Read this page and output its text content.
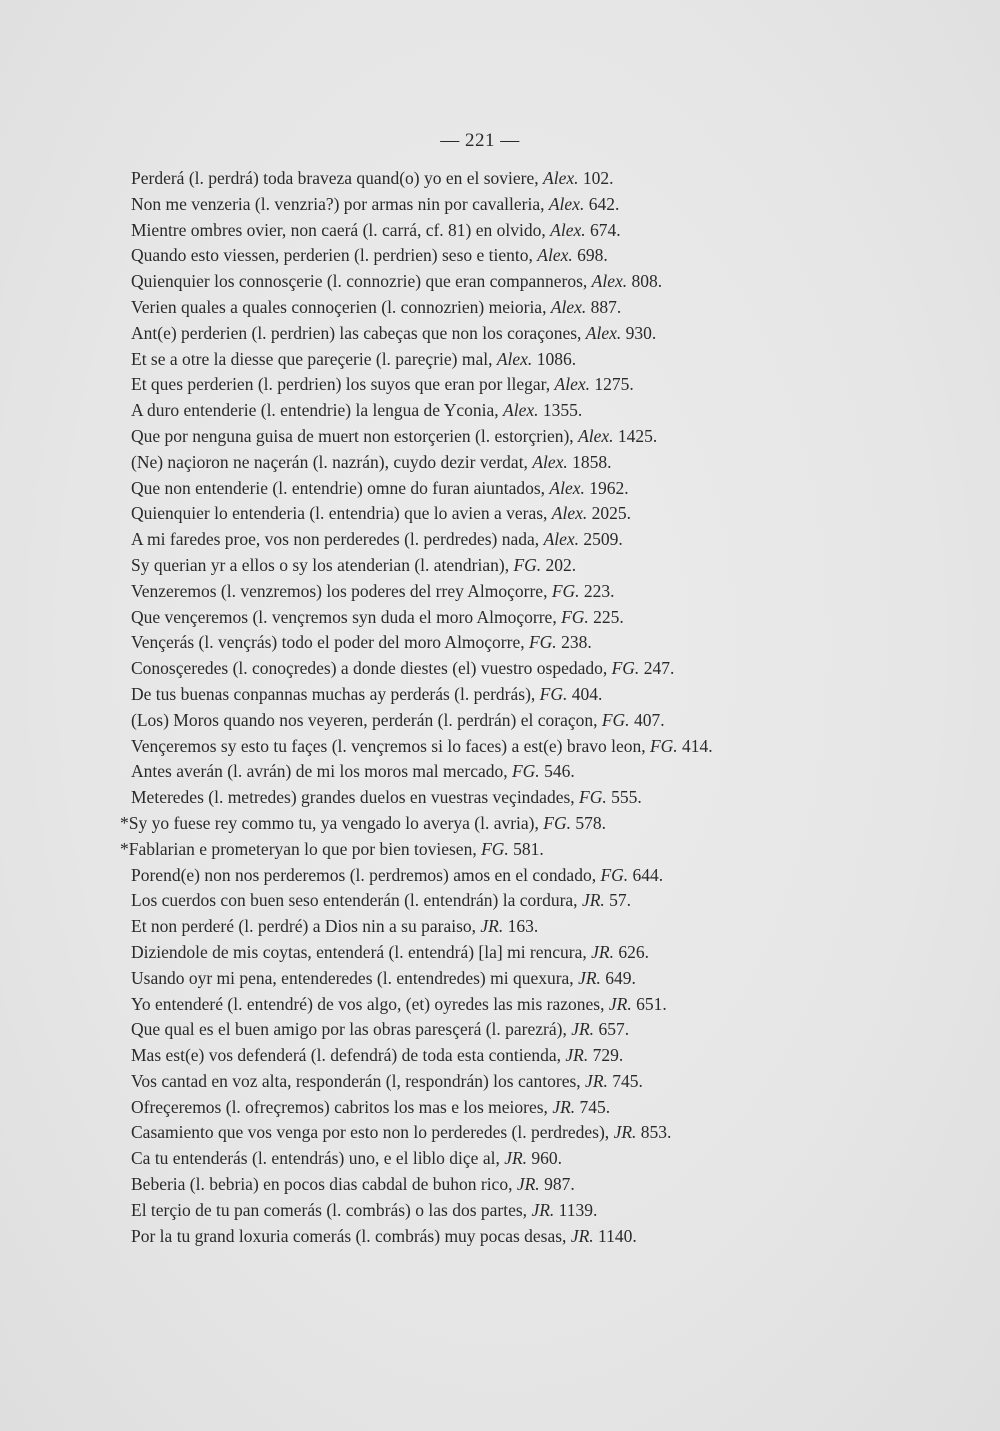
— 221 —
Perderá (l. perdrá) toda braveza quand(o) yo en el soviere, Alex. 102.
Non me venzeria (l. venzria?) por armas nin por cavalleria, Alex. 642.
Mientre ombres ovier, non caerá (l. carrá, cf. 81) en olvido, Alex. 674.
Quando esto viessen, perderien (l. perdrien) seso e tiento, Alex. 698.
Quienquier los connosçerie (l. connozrie) que eran companneros, Alex. 808.
Verien quales a quales connoçerien (l. connozrien) meioria, Alex. 887.
Ant(e) perderien (l. perdrien) las cabeças que non los coraçones, Alex. 930.
Et se a otre la diesse que pareçerie (l. pareçrie) mal, Alex. 1086.
Et ques perderien (l. perdrien) los suyos que eran por llegar, Alex. 1275.
A duro entenderie (l. entendrie) la lengua de Yconia, Alex. 1355.
Que por nenguna guisa de muert non estorçerien (l. estorçrien), Alex. 1425.
(Ne) naçioron ne naçerán (l. nazrán), cuydo dezir verdat, Alex. 1858.
Que non entenderie (l. entendrie) omne do furan aiuntados, Alex. 1962.
Quienquier lo entenderia (l. entendria) que lo avien a veras, Alex. 2025.
A mi faredes proe, vos non perderedes (l. perdredes) nada, Alex. 2509.
Sy querian yr a ellos o sy los atenderian (l. atendrian), FG. 202.
Venzeremos (l. venzremos) los poderes del rrey Almoçorre, FG. 223.
Que vençeremos (l. vençremos syn duda el moro Almoçorre, FG. 225.
Vençerás (l. vençrás) todo el poder del moro Almoçorre, FG. 238.
Conosçeredes (l. conoçredes) a donde diestes (el) vuestro ospedado, FG. 247.
De tus buenas conpannas muchas ay perderás (l. perdrás), FG. 404.
(Los) Moros quando nos veyeren, perderán (l. perdrán) el coraçon, FG. 407.
Vençeremos sy esto tu façes (l. vençremos si lo faces) a est(e) bravo leon, FG. 414.
Antes averán (l. avrán) de mi los moros mal mercado, FG. 546.
Meteredes (l. metredes) grandes duelos en vuestras veçindades, FG. 555.
*Sy yo fuese rey commo tu, ya vengado lo averya (l. avria), FG. 578.
*Fablarian e prometeryan lo que por bien toviesen, FG. 581.
Porend(e) non nos perderemos (l. perdremos) amos en el condado, FG. 644.
Los cuerdos con buen seso entenderán (l. entendrán) la cordura, JR. 57.
Et non perderé (l. perdré) a Dios nin a su paraiso, JR. 163.
Diziendole de mis coytas, entenderá (l. entendrá) [la] mi rencura, JR. 626.
Usando oyr mi pena, entenderedes (l. entendredes) mi quexura, JR. 649.
Yo entenderé (l. entendré) de vos algo, (et) oyredes las mis razones, JR. 651.
Que qual es el buen amigo por las obras paresçerá (l. parezrá), JR. 657.
Mas est(e) vos defenderá (l. defendrá) de toda esta contienda, JR. 729.
Vos cantad en voz alta, responderán (l, respondrán) los cantores, JR. 745.
Ofreçeremos (l. ofreçremos) cabritos los mas e los meiores, JR. 745.
Casamiento que vos venga por esto non lo perderedes (l. perdredes), JR. 853.
Ca tu entenderás (l. entendrás) uno, e el liblo diçe al, JR. 960.
Beberia (l. bebria) en pocos dias cabdal de buhon rico, JR. 987.
El terçio de tu pan comerás (l. combrás) o las dos partes, JR. 1139.
Por la tu grand loxuria comerás (l. combrás) muy pocas desas, JR. 1140.
